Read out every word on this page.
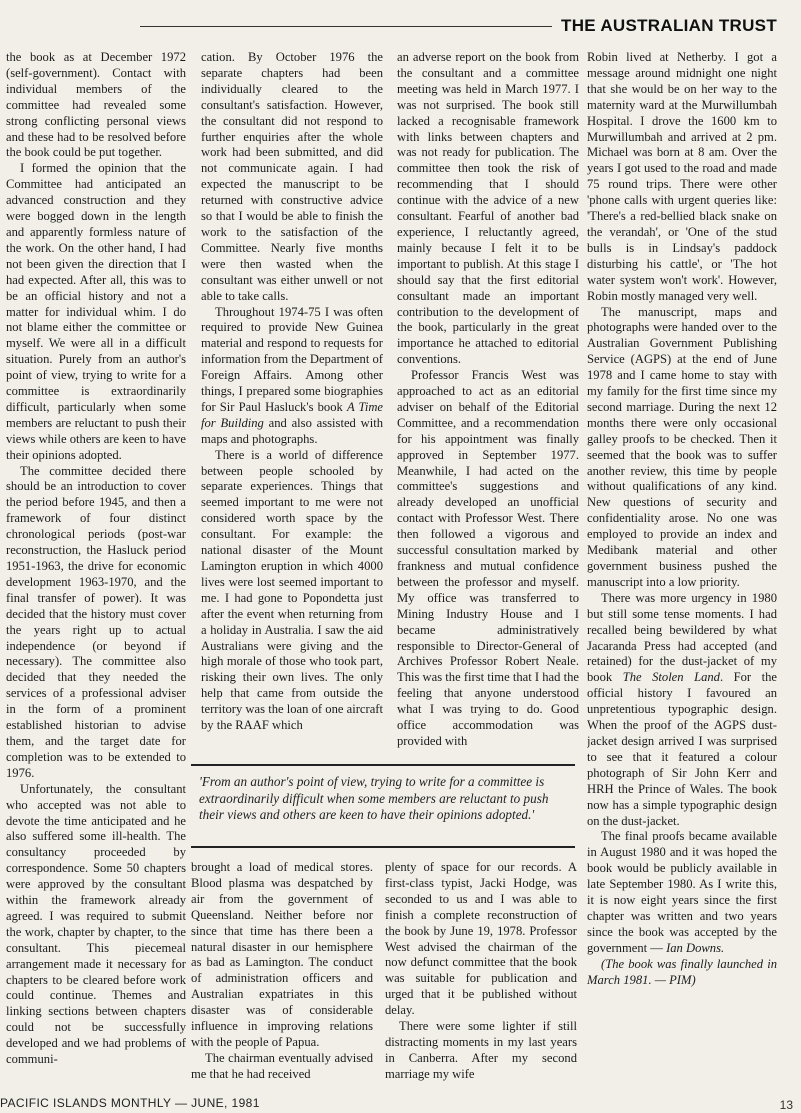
THE AUSTRALIAN TRUST

the book as at December 1972 (self-government). Contact with individual members of the committee had revealed some strong conflicting personal views and these had to be resolved before the book could be put together.

I formed the opinion that the Committee had anticipated an advanced construction and they were bogged down in the length and apparently formless nature of the work. On the other hand, I had not been given the direction that I had expected. After all, this was to be an official history and not a matter for individual whim. I do not blame either the committee or myself. We were all in a difficult situation. Purely from an author's point of view, trying to write for a committee is extraordinarily difficult, particularly when some members are reluctant to push their views while others are keen to have their opinions adopted.

The committee decided there should be an introduction to cover the period before 1945, and then a framework of four distinct chronological periods (post-war reconstruction, the Hasluck period 1951-1963, the drive for economic development 1963-1970, and the final transfer of power). It was decided that the history must cover the years right up to actual independence (or beyond if necessary). The committee also decided that they needed the services of a professional adviser in the form of a prominent established historian to advise them, and the target date for completion was to be extended to 1976.

Unfortunately, the consultant who accepted was not able to devote the time anticipated and he also suffered some ill-health. The consultancy proceeded by correspondence. Some 50 chapters were approved by the consultant within the framework already agreed. I was required to submit the work, chapter by chapter, to the consultant. This piecemeal arrangement made it necessary for chapters to be cleared before work could continue. Themes and linking sections between chapters could not be successfully developed and we had problems of communi-

cation. By October 1976 the separate chapters had been individually cleared to the consultant's satisfaction. However, the consultant did not respond to further enquiries after the whole work had been submitted, and did not communicate again. I had expected the manuscript to be returned with constructive advice so that I would be able to finish the work to the satisfaction of the Committee. Nearly five months were then wasted when the consultant was either unwell or not able to take calls.

Throughout 1974-75 I was often required to provide New Guinea material and respond to requests for information from the Department of Foreign Affairs. Among other things, I prepared some biographies for Sir Paul Hasluck's book A Time for Building and also assisted with maps and photographs.

There is a world of difference between people schooled by separate experiences. Things that seemed important to me were not considered worth space by the consultant. For example: the national disaster of the Mount Lamington eruption in which 4000 lives were lost seemed important to me. I had gone to Popondetta just after the event when returning from a holiday in Australia. I saw the aid Australians were giving and the high morale of those who took part, risking their own lives. The only help that came from outside the territory was the loan of one aircraft by the RAAF which

an adverse report on the book from the consultant and a committee meeting was held in March 1977. I was not surprised. The book still lacked a recognisable framework with links between chapters and was not ready for publication. The committee then took the risk of recommending that I should continue with the advice of a new consultant. Fearful of another bad experience, I reluctantly agreed, mainly because I felt it to be important to publish. At this stage I should say that the first editorial consultant made an important contribution to the development of the book, particularly in the great importance he attached to editorial conventions.

Professor Francis West was approached to act as an editorial adviser on behalf of the Editorial Committee, and a recommendation for his appointment was finally approved in September 1977. Meanwhile, I had acted on the committee's suggestions and already developed an unofficial contact with Professor West. There then followed a vigorous and successful consultation marked by frankness and mutual confidence between the professor and myself. My office was transferred to Mining Industry House and I became administratively responsible to Director-General of Archives Professor Robert Neale. This was the first time that I had the feeling that anyone understood what I was trying to do. Good office accommodation was provided with

'From an author's point of view, trying to write for a committee is extraordinarily difficult when some members are reluctant to push their views and others are keen to have their opinions adopted.'

brought a load of medical stores. Blood plasma was despatched by air from the government of Queensland. Neither before nor since that time has there been a natural disaster in our hemisphere as bad as Lamington. The conduct of administration officers and Australian expatriates in this disaster was of considerable influence in improving relations with the people of Papua.

The chairman eventually advised me that he had received

plenty of space for our records. A first-class typist, Jacki Hodge, was seconded to us and I was able to finish a complete reconstruction of the book by June 19, 1978. Professor West advised the chairman of the now defunct committee that the book was suitable for publication and urged that it be published without delay.

There were some lighter if still distracting moments in my last years in Canberra. After my second marriage my wife

Robin lived at Netherby. I got a message around midnight one night that she would be on her way to the maternity ward at the Murwillumbah Hospital. I drove the 1600 km to Murwillumbah and arrived at 2 pm. Michael was born at 8 am. Over the years I got used to the road and made 75 round trips. There were other 'phone calls with urgent queries like: 'There's a red-bellied black snake on the verandah', or 'One of the stud bulls is in Lindsay's paddock disturbing his cattle', or 'The hot water system won't work'. However, Robin mostly managed very well.

The manuscript, maps and photographs were handed over to the Australian Government Publishing Service (AGPS) at the end of June 1978 and I came home to stay with my family for the first time since my second marriage. During the next 12 months there were only occasional galley proofs to be checked. Then it seemed that the book was to suffer another review, this time by people without qualifications of any kind. New questions of security and confidentiality arose. No one was employed to provide an index and Medibank material and other government business pushed the manuscript into a low priority.

There was more urgency in 1980 but still some tense moments. I had recalled being bewildered by what Jacaranda Press had accepted (and retained) for the dust-jacket of my book The Stolen Land. For the official history I favoured an unpretentious typographic design. When the proof of the AGPS dust-jacket design arrived I was surprised to see that it featured a colour photograph of Sir John Kerr and HRH the Prince of Wales. The book now has a simple typographic design on the dust-jacket.

The final proofs became available in August 1980 and it was hoped the book would be publicly available in late September 1980. As I write this, it is now eight years since the first chapter was written and two years since the book was accepted by the government — Ian Downs.

(The book was finally launched in March 1981. — PIM)

PACIFIC ISLANDS MONTHLY — JUNE, 1981	13
